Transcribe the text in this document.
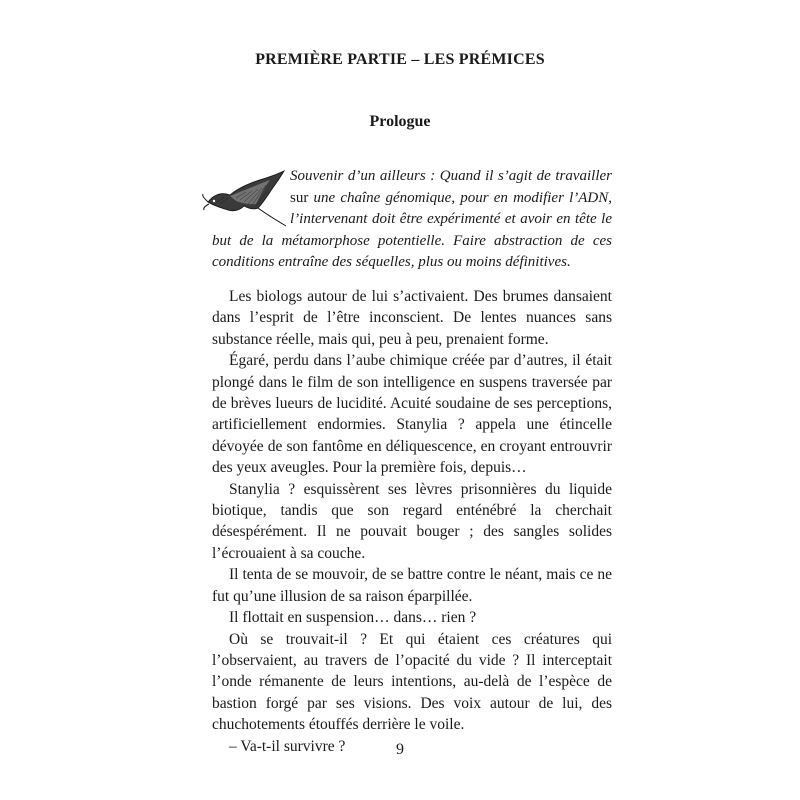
PREMIÈRE PARTIE – LES PRÉMICES
Prologue

Souvenir d’un ailleurs : Quand il s’agit de travailler sur une chaîne génomique, pour en modifier l’ADN, l’intervenant doit être expérimenté et avoir en tête le but de la métamorphose potentielle. Faire abstraction de ces conditions entraîne des séquelles, plus ou moins définitives.

Les biologs autour de lui s’activaient. Des brumes dansaient dans l’esprit de l’être inconscient. De lentes nuances sans substance réelle, mais qui, peu à peu, prenaient forme.

Égaré, perdu dans l’aube chimique créée par d’autres, il était plongé dans le film de son intelligence en suspens traversée par de brèves lueurs de lucidité. Acuité soudaine de ses perceptions, artificiellement endormies. Stanylia ? appela une étincelle dévoyée de son fantôme en déliquescence, en croyant entrouvrir des yeux aveugles. Pour la première fois, depuis…

Stanylia ? esquissèrent ses lèvres prisonnières du liquide biotique, tandis que son regard enténébré la cherchait désespérément. Il ne pouvait bouger ; des sangles solides l’écrouaient à sa couche.

Il tenta de se mouvoir, de se battre contre le néant, mais ce ne fut qu’une illusion de sa raison éparpillée.

Il flottait en suspension… dans… rien ?

Où se trouvait-il ? Et qui étaient ces créatures qui l’observaient, au travers de l’opacité du vide ? Il interceptait l’onde rémanente de leurs intentions, au-delà de l’espèce de bastion forgé par ses visions. Des voix autour de lui, des chuchotements étouffés derrière le voile.

– Va-t-il survivre ?	9
